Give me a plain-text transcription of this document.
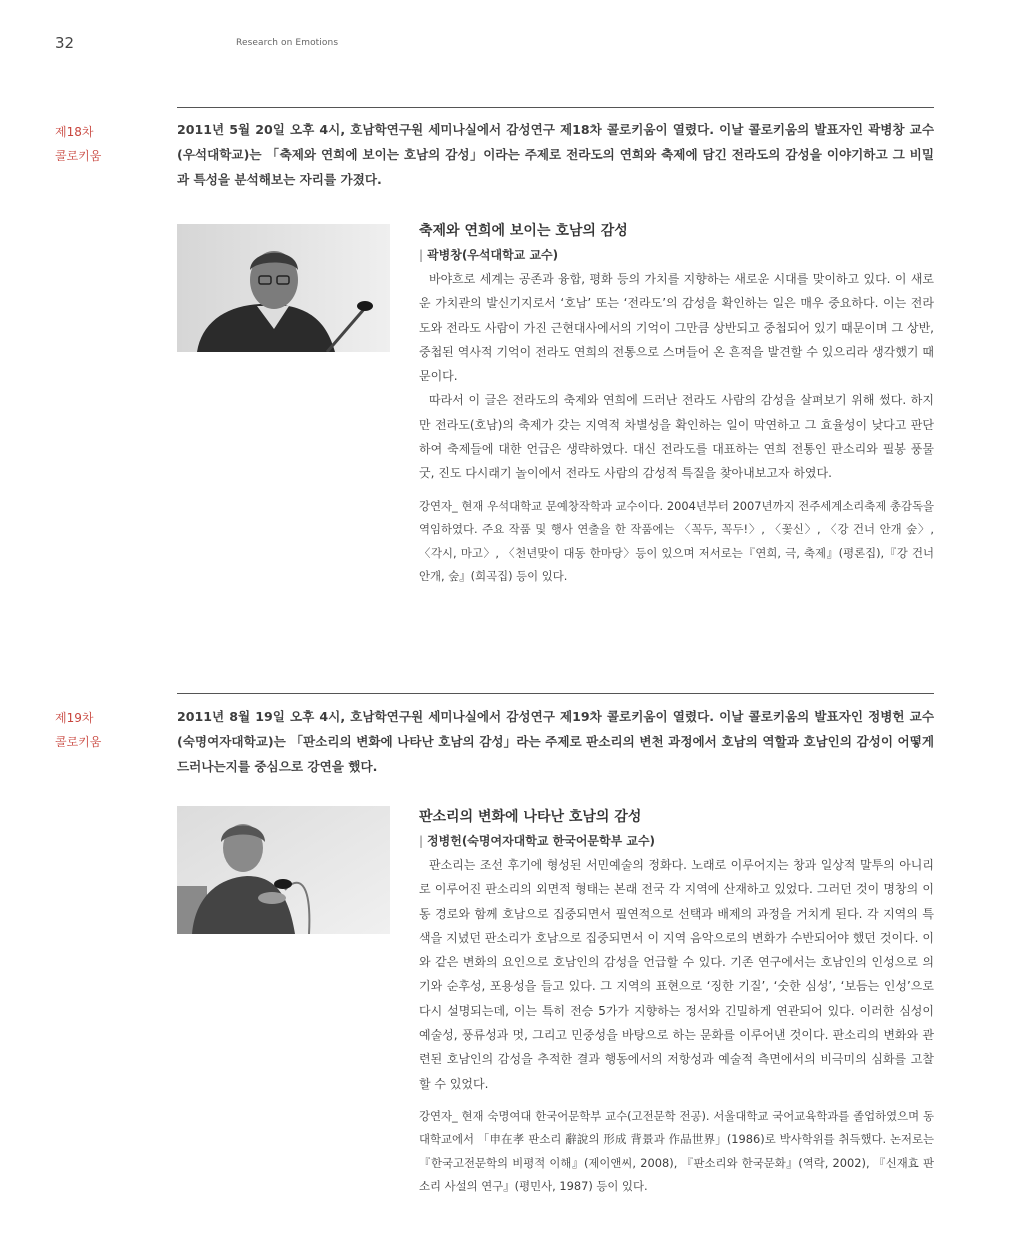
32	Research on Emotions
제18차
콜로키움

2011년 5월 20일 오후 4시, 호남학연구원 세미나실에서 감성연구 제18차 콜로키움이 열렸다. 이날 콜로키움의 발표자인 곽병창 교수(우석대학교)는 「축제와 연희에 보이는 호남의 감성」이라는 주제로 전라도의 연희와 축제에 담긴 전라도의 감성을 이야기하고 그 비밀과 특성을 분석해보는 자리를 가졌다.

축제와 연희에 보이는 호남의 감성
| 곽병창(우석대학교 교수)

바야흐로 세계는 공존과 융합, 평화 등의 가치를 지향하는 새로운 시대를 맞이하고 있다. 이 새로운 가치관의 발신기지로서 ‘호남’ 또는 ‘전라도’의 감성을 확인하는 일은 매우 중요하다. 이는 전라도와 전라도 사람이 가진 근현대사에서의 기억이 그만큼 상반되고 중첩되어 있기 때문이며 그 상반, 중첩된 역사적 기억이 전라도 연희의 전통으로 스며들어 온 흔적을 발견할 수 있으리라 생각했기 때문이다.

따라서 이 글은 전라도의 축제와 연희에 드러난 전라도 사람의 감성을 살펴보기 위해 썼다. 하지만 전라도(호남)의 축제가 갖는 지역적 차별성을 확인하는 일이 막연하고 그 효율성이 낮다고 판단하여 축제들에 대한 언급은 생략하였다. 대신 전라도를 대표하는 연희 전통인 판소리와 필봉 풍물굿, 진도 다시래기 놀이에서 전라도 사람의 감성적 특질을 찾아내보고자 하였다.

강연자_ 현재 우석대학교 문예창작학과 교수이다. 2004년부터 2007년까지 전주세계소리축제 총감독을 역임하였다. 주요 작품 및 행사 연출을 한 작품에는 〈꼭두, 꼭두!〉, 〈꽃신〉, 〈강 건너 안개 숲〉, 〈각시, 마고〉, 〈천년맞이 대동 한마당〉등이 있으며 저서로는『연희, 극, 축제』(평론집),『강 건너 안개, 숲』(희곡집) 등이 있다.

제19차
콜로키움

2011년 8월 19일 오후 4시, 호남학연구원 세미나실에서 감성연구 제19차 콜로키움이 열렸다. 이날 콜로키움의 발표자인 정병헌 교수(숙명여자대학교)는 「판소리의 변화에 나타난 호남의 감성」라는 주제로 판소리의 변천 과정에서 호남의 역할과 호남인의 감성이 어떻게 드러나는지를 중심으로 강연을 했다.

판소리의 변화에 나타난 호남의 감성
| 정병헌(숙명여자대학교 한국어문학부 교수)

판소리는 조선 후기에 형성된 서민예술의 정화다. 노래로 이루어지는 창과 일상적 말투의 아니리로 이루어진 판소리의 외면적 형태는 본래 전국 각 지역에 산재하고 있었다. 그러던 것이 명창의 이동 경로와 함께 호남으로 집중되면서 필연적으로 선택과 배제의 과정을 거치게 된다. 각 지역의 특색을 지녔던 판소리가 호남으로 집중되면서 이 지역 음악으로의 변화가 수반되어야 했던 것이다. 이와 같은 변화의 요인으로 호남인의 감성을 언급할 수 있다. 기존 연구에서는 호남인의 인성으로 의기와 순후성, 포용성을 들고 있다. 그 지역의 표현으로 ‘징한 기질’, ‘숫한 심성’, ‘보듬는 인성’으로 다시 설명되는데, 이는 특히 전승 5가가 지향하는 정서와 긴밀하게 연관되어 있다. 이러한 심성이 예술성, 풍류성과 멋, 그리고 민중성을 바탕으로 하는 문화를 이루어낸 것이다. 판소리의 변화와 관련된 호남인의 감성을 추적한 결과 행동에서의 저항성과 예술적 측면에서의 비극미의 심화를 고찰할 수 있었다.

강연자_ 현재 숙명여대 한국어문학부 교수(고전문학 전공). 서울대학교 국어교육학과를 졸업하였으며 동 대학교에서 「申在孝 판소리 辭說의 形成 背景과 作品世界」(1986)로 박사학위를 취득했다. 논저로는 『한국고전문학의 비평적 이해』(제이앤씨, 2008), 『판소리와 한국문화』(역락, 2002), 『신재효 판소리 사설의 연구』(평민사, 1987) 등이 있다.
